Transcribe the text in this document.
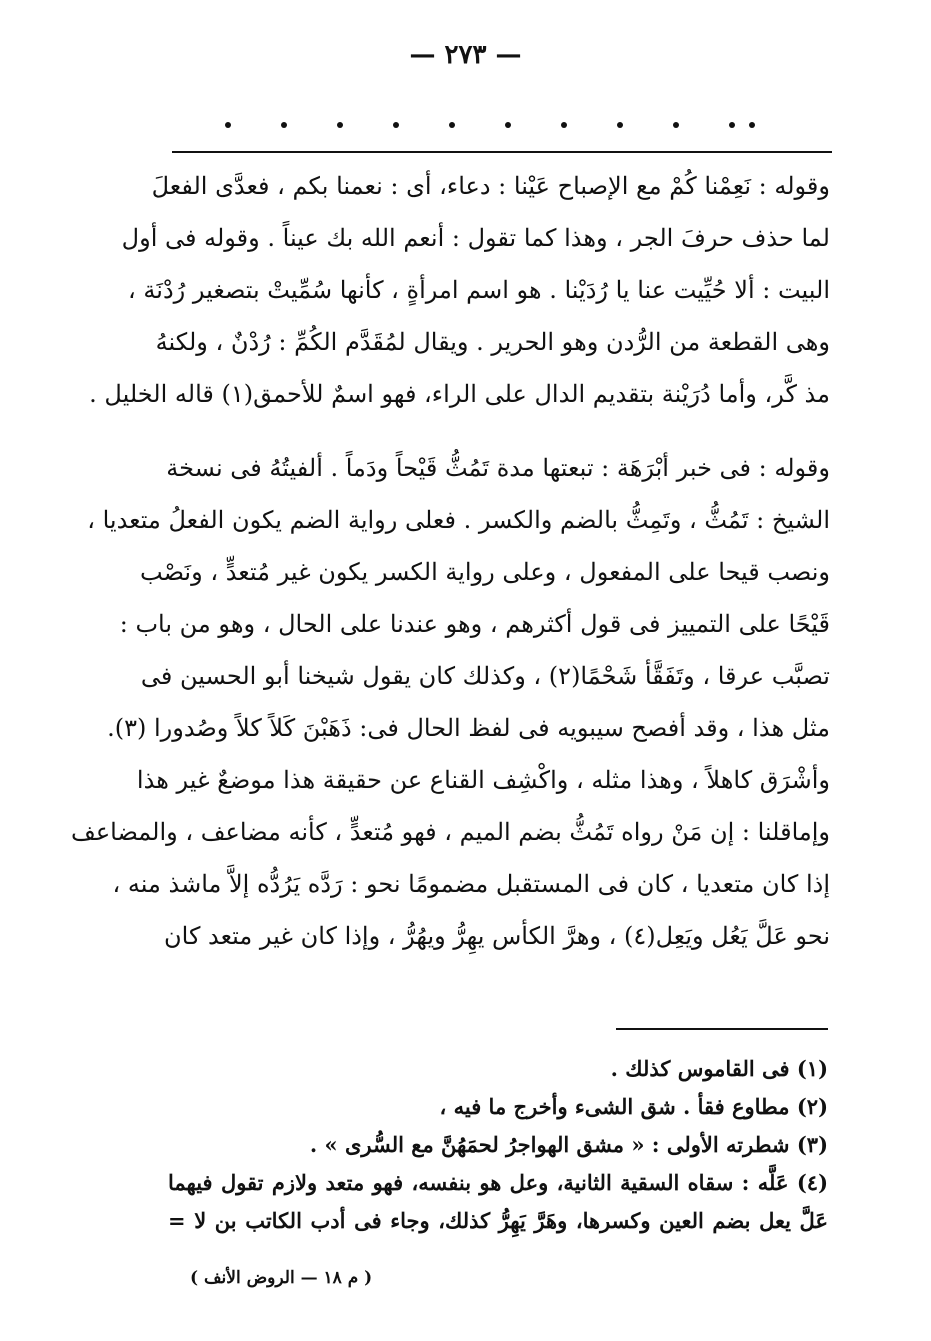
— ٢٧٣ —
وقوله : نَعِمْنا كُمْ مع الإصباح عَيْنا : دعاء، أى : نعمنا بكم ، فعدَّى الفعلَ
لما حذف حرفَ الجر ، وهذا كما تقول : أنعم الله بك عيناً . وقوله فى أول
البيت : ألا حُيِّيت عنا يا رُدَيْنا . هو اسم امرأةٍ ، كأنها سُمِّيتْ بتصغير رُدْنَة ،
وهى القطعة من الرُّدن وهو الحرير . ويقال لمُقَدَّم الكُمِّ : رُدْنٌ ، ولكنهُ
مذ كَّر، وأما دُرَيْنة بتقديم الدال على الراء، فهو اسمٌ للأحمق(١) قاله الخليل .
وقوله : فى خبر أبْرَهَة : تبعتها مدة تَمُثُّ قَيْحاً ودَماً . ألفيتُهُ فى نسخة
الشيخ : تَمُثُّ ، وتَمِثُّ بالضم والكسر . فعلى رواية الضم يكون الفعلُ متعديا ،
ونصب قيحا على المفعول ، وعلى رواية الكسر يكون غير مُتعدٍّ ، ونَصْب
قَيْحًا على التمييز فى قول أكثرهم ، وهو عندنا على الحال ، وهو من باب :
تصبَّب عرقا ، وتَفَقَّأ شَحْمًا(٢) ، وكذلك كان يقول شيخنا أبو الحسين فى
مثل هذا ، وقد أفصح سيبويه فى لفظ الحال فى: ذَهَبْنَ كَلاً كلاً وصُدورا (٣).
وأشْرَق كاهلاً ، وهذا مثله ، واكْشِف القناع عن حقيقة هذا موضعٌ غير هذا
وإماقلنا : إن مَنْ رواه تَمُثُّ بضم الميم ، فهو مُتعدٍّ ، كأنه مضاعف ، والمضاعف
إذا كان متعديا ، كان فى المستقبل مضمومًا نحو : رَدَّه يَرُدُّه إلاَّ ماشذ منه ،
نحو عَلَّ يَعُل ويَعِل(٤) ، وهرَّ الكأس يهِرُّ ويهُرُّ ، وإذا كان غير متعد كان
(١) فى القاموس كذلك .
(٢) مطاوع فقأ . شق الشىء وأخرج ما فيه ،
(٣) شطرته الأولى : « مشق الهواجرُ لحمَهُنَّ مع السُّرى » .
(٤) عَلَّه : سقاه السقية الثانية، وعل هو بنفسه، فهو متعد ولازم تقول فيهما
عَلَّ يعل بضم العين وكسرها، وهَرَّ يَهِرُّ كذلك، وجاء فى أدب الكاتب بن لا =
( م ١٨ — الروض الأنف )
